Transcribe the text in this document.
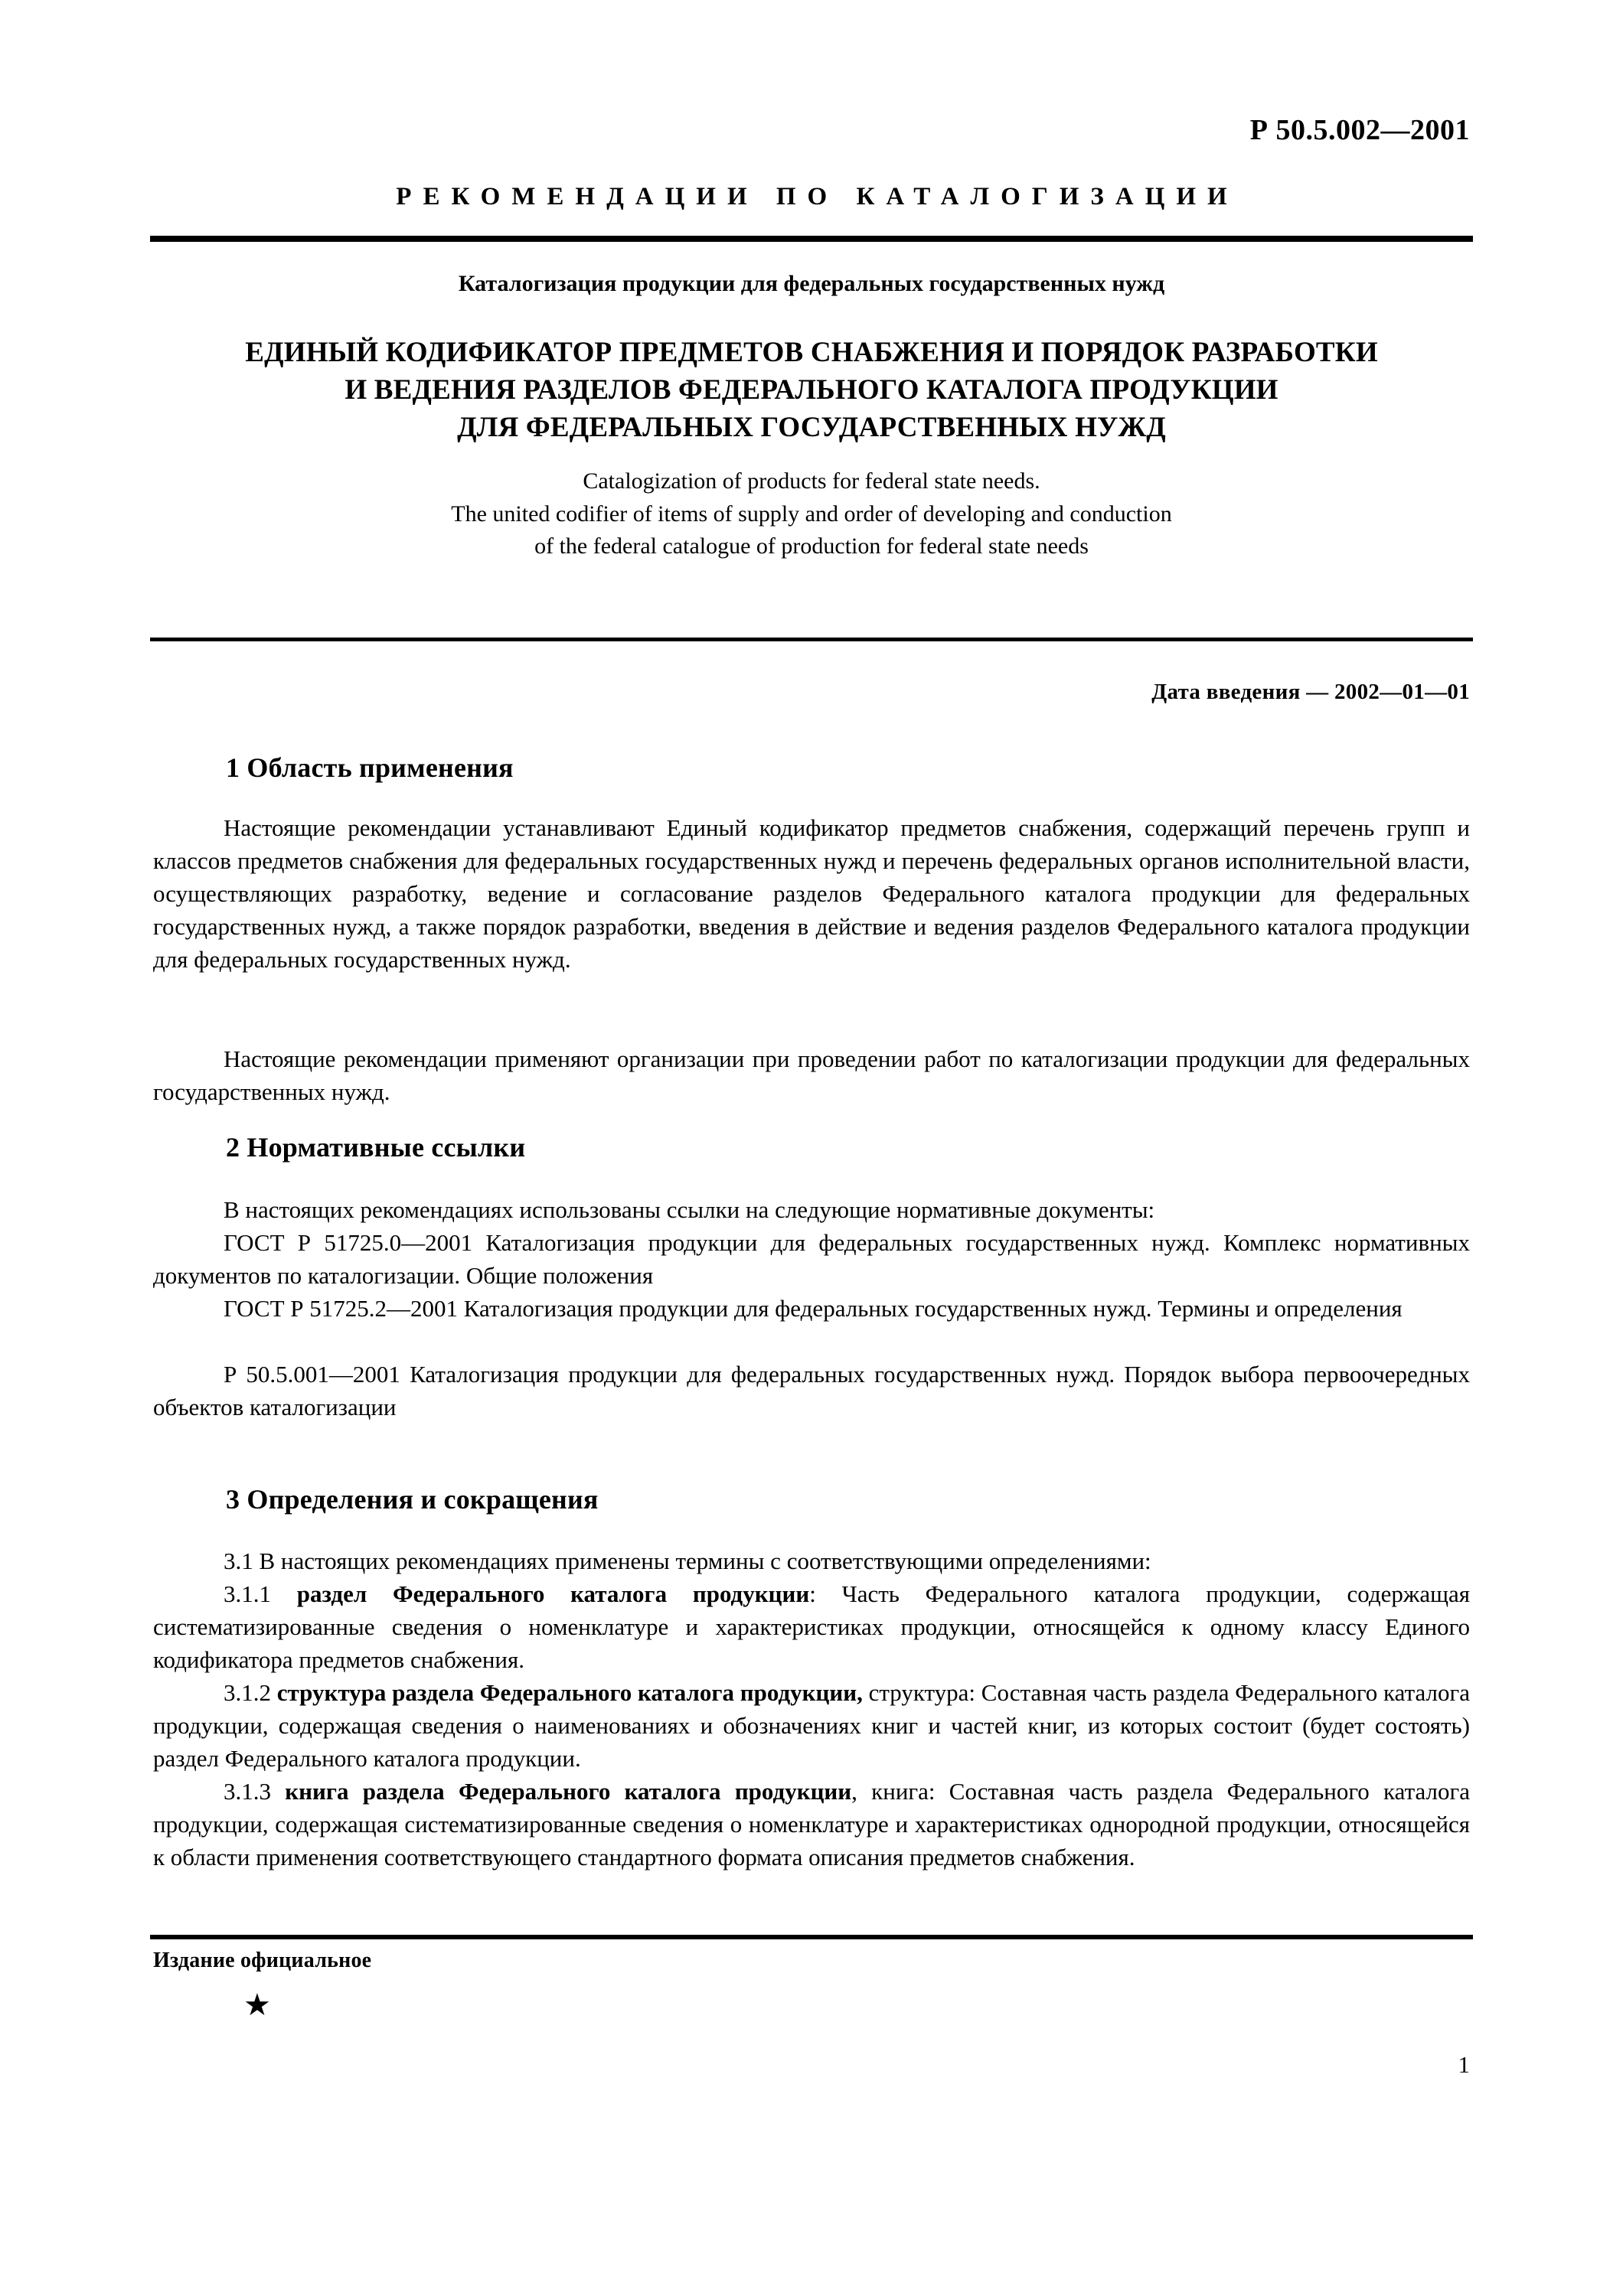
Р 50.5.002—2001
РЕКОМЕНДАЦИИ ПО КАТАЛОГИЗАЦИИ
Каталогизация продукции для федеральных государственных нужд
ЕДИНЫЙ КОДИФИКАТОР ПРЕДМЕТОВ СНАБЖЕНИЯ И ПОРЯДОК РАЗРАБОТКИ
И ВЕДЕНИЯ РАЗДЕЛОВ ФЕДЕРАЛЬНОГО КАТАЛОГА ПРОДУКЦИИ
ДЛЯ ФЕДЕРАЛЬНЫХ ГОСУДАРСТВЕННЫХ НУЖД
Catalogization of products for federal state needs.
The united codifier of items of supply and order of developing and conduction
of the federal catalogue of production for federal state needs
Дата введения — 2002—01—01
1 Область применения

Настоящие рекомендации устанавливают Единый кодификатор предметов снабжения, содержащий перечень групп и классов предметов снабжения для федеральных государственных нужд и перечень федеральных органов исполнительной власти, осуществляющих разработку, ведение и согласование разделов Федерального каталога продукции для федеральных государственных нужд, а также порядок разработки, введения в действие и ведения разделов Федерального каталога продукции для федеральных государственных нужд.

Настоящие рекомендации применяют организации при проведении работ по каталогизации продукции для федеральных государственных нужд.

2 Нормативные ссылки

В настоящих рекомендациях использованы ссылки на следующие нормативные документы:

ГОСТ Р 51725.0—2001 Каталогизация продукции для федеральных государственных нужд. Комплекс нормативных документов по каталогизации. Общие положения

ГОСТ Р 51725.2—2001 Каталогизация продукции для федеральных государственных нужд. Термины и определения

Р 50.5.001—2001 Каталогизация продукции для федеральных государственных нужд. Порядок выбора первоочередных объектов каталогизации

3 Определения и сокращения

3.1 В настоящих рекомендациях применены термины с соответствующими определениями:

3.1.1 раздел Федерального каталога продукции: Часть Федерального каталога продукции, содержащая систематизированные сведения о номенклатуре и характеристиках продукции, относящейся к одному классу Единого кодификатора предметов снабжения.

3.1.2 структура раздела Федерального каталога продукции, структура: Составная часть раздела Федерального каталога продукции, содержащая сведения о наименованиях и обозначениях книг и частей книг, из которых состоит (будет состоять) раздел Федерального каталога продукции.

3.1.3 книга раздела Федерального каталога продукции, книга: Составная часть раздела Федерального каталога продукции, содержащая систематизированные сведения о номенклатуре и характеристиках однородной продукции, относящейся к области применения соответствующего стандартного формата описания предметов снабжения.

Издание официальное
★
1
